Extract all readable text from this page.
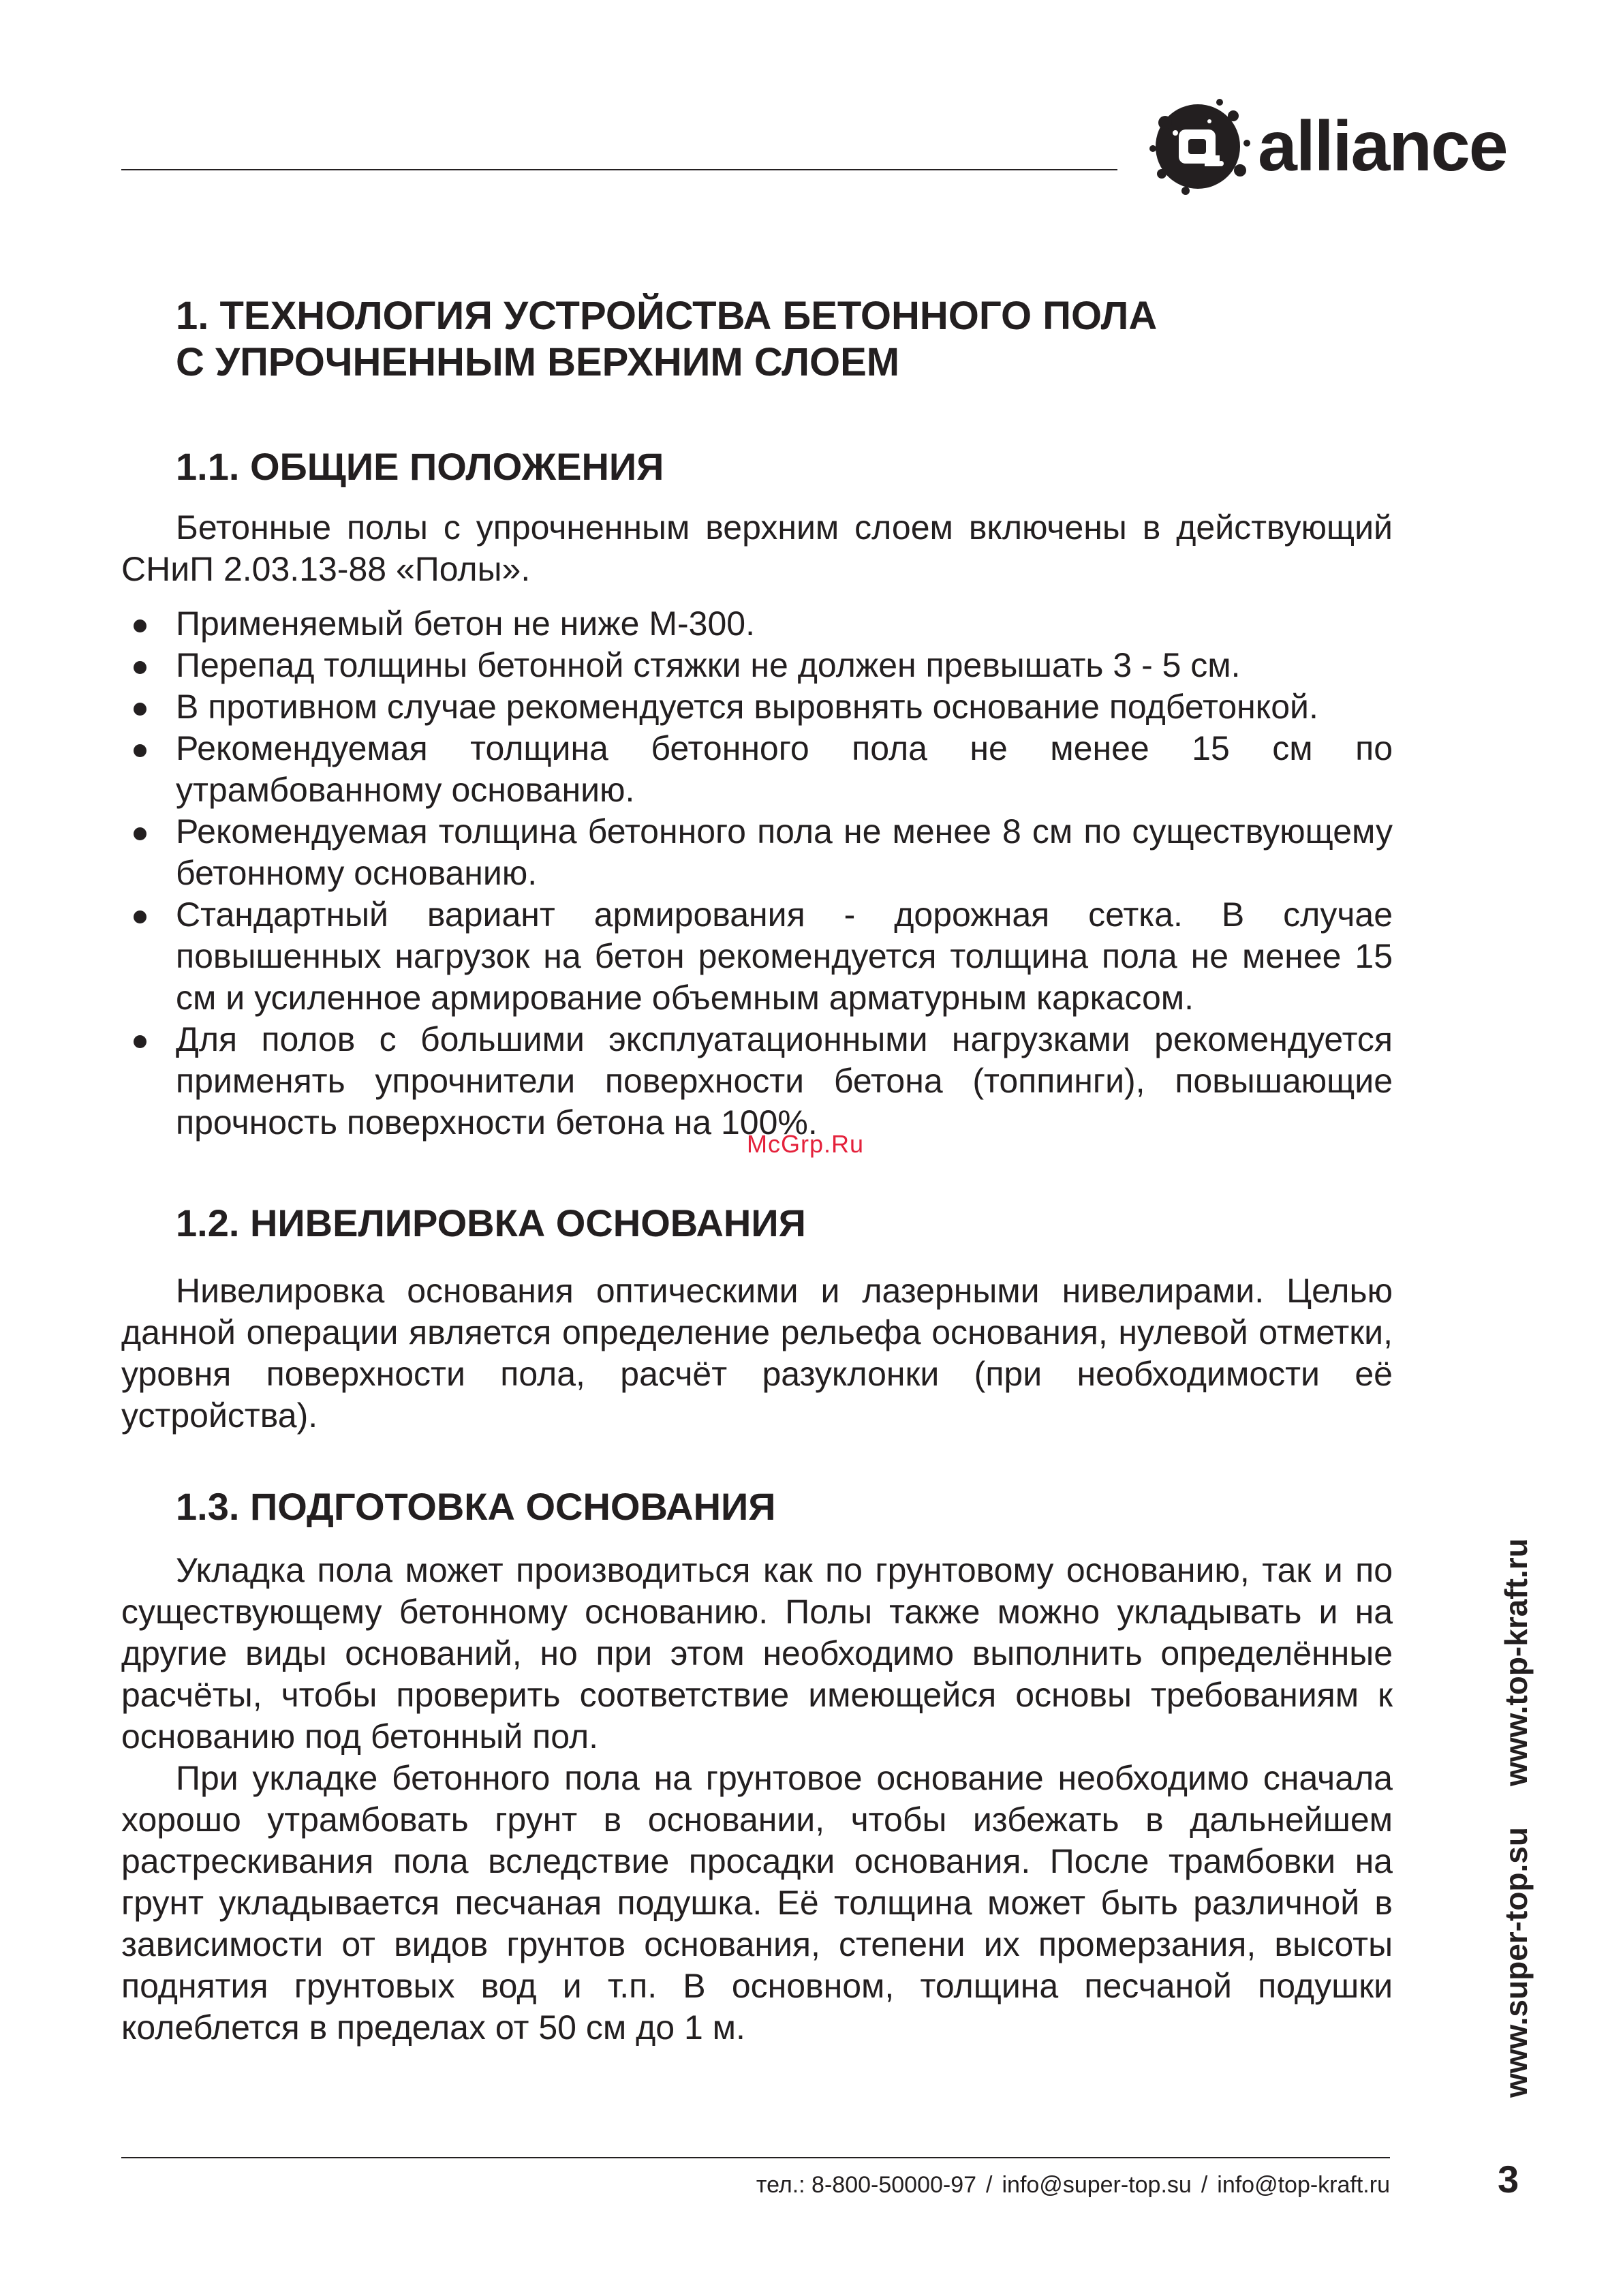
alliance
1. ТЕХНОЛОГИЯ УСТРОЙСТВА БЕТОННОГО ПОЛА
С УПРОЧНЕННЫМ ВЕРХНИМ СЛОЕМ
1.1. ОБЩИЕ ПОЛОЖЕНИЯ

Бетонные полы с упрочненным верхним слоем включены в действующий СНиП 2.03.13-88 «Полы».

Применяемый бетон не ниже М-300.
Перепад толщины бетонной стяжки не должен превышать 3 - 5 см.
В противном случае рекомендуется выровнять основание подбетонкой.
Рекомендуемая толщина бетонного пола не менее 15 см по утрамбованному основанию.
Рекомендуемая толщина бетонного пола не менее 8 см по существующему бетонному основанию.
Стандартный вариант армирования - дорожная сетка. В случае повышенных нагрузок на бетон рекомендуется толщина пола не менее 15 см и усиленное армирование объемным арматурным каркасом.
Для полов с большими эксплуатационными нагрузками рекомендуется применять упрочнители поверхности бетона (топпинги), повышающие прочность поверхности бетона на 100%.
1.2. НИВЕЛИРОВКА ОСНОВАНИЯ

Нивелировка основания оптическими и лазерными нивелирами. Целью данной операции является определение рельефа основания, нулевой отметки, уровня поверхности пола, расчёт разуклонки (при необходимости её устройства).

1.3. ПОДГОТОВКА ОСНОВАНИЯ

Укладка пола может производиться как по грунтовому основанию, так и по существующему бетонному основанию. Полы также можно укладывать и на другие виды оснований, но при этом необходимо выполнить определённые расчёты, чтобы проверить соответствие имеющейся основы требованиям к основанию под бетонный пол.

При укладке бетонного пола на грунтовое основание необходимо сначала хорошо утрамбовать грунт в основании, чтобы избежать в дальнейшем растрескивания пола вследствие просадки основания. После трамбовки на грунт укладывается песчаная подушка. Её толщина может быть различной в зависимости от видов грунтов основания, степени их промерзания, высоты поднятия грунтовых вод и т.п. В основном, толщина песчаной подушки колеблется в пределах от 50 см до 1 м.

McGrp.Ru
www.super-top.suwww.top-kraft.ru
тел.: 8-800-50000-97 / info@super-top.su / info@top-kraft.ru	3
